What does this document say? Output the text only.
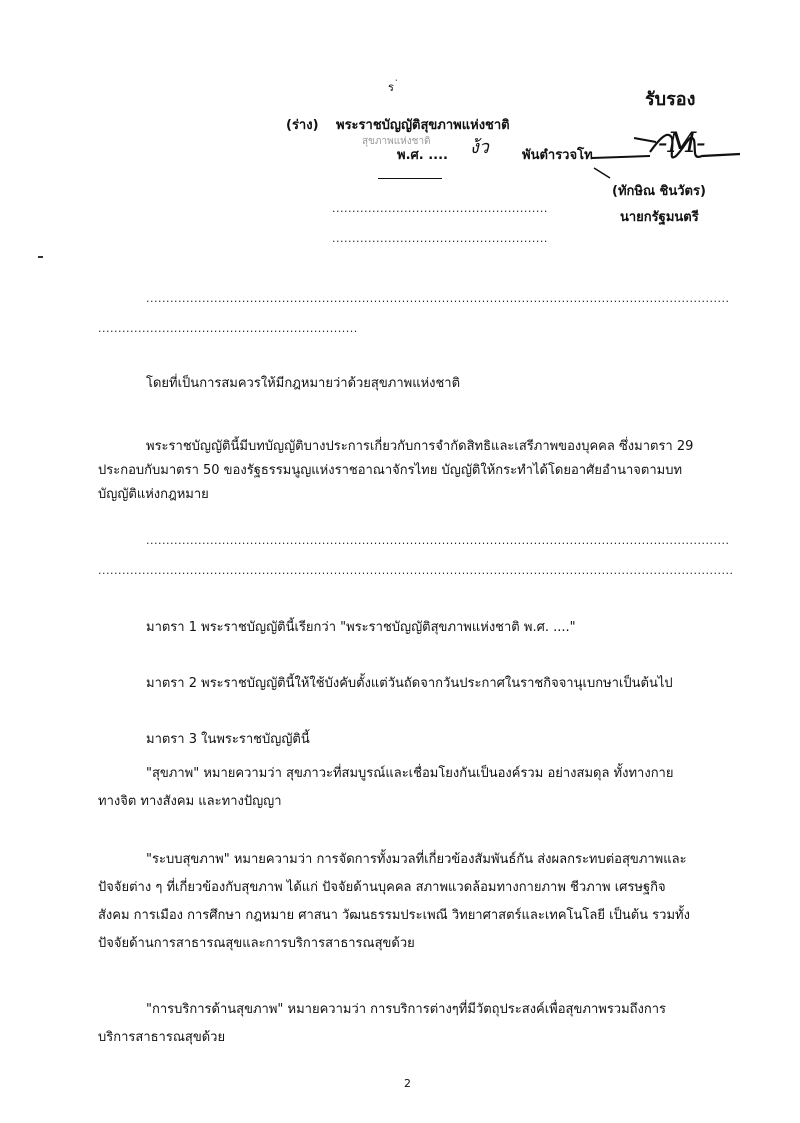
ร ่
(ร่าง) พระราชบัญญัติสุขภาพแห่งชาติ
สุขภาพแห่งชาติ
พ.ศ. .... ง้ว	พันตำรวจโท
รับรอง
-M-
(ทักษิณ ชินวัตร)
นายกรัฐมนตรี
......................................................
......................................................
..................................................................................................................................................
.................................................................
โดยที่เป็นการสมควรให้มีกฎหมายว่าด้วยสุขภาพแห่งชาติ
พระราชบัญญัตินี้มีบทบัญญัติบางประการเกี่ยวกับการจำกัดสิทธิและเสรีภาพของบุคคล ซึ่งมาตรา 29
ประกอบกับมาตรา 50 ของรัฐธรรมนูญแห่งราชอาณาจักรไทย บัญญัติให้กระทำได้โดยอาศัยอำนาจตามบท
บัญญัติแห่งกฎหมาย
..................................................................................................................................................
...............................................................................................................................................................
มาตรา 1 พระราชบัญญัตินี้เรียกว่า "พระราชบัญญัติสุขภาพแห่งชาติ พ.ศ. ...."
มาตรา 2 พระราชบัญญัตินี้ให้ใช้บังคับตั้งแต่วันถัดจากวันประกาศในราชกิจจานุเบกษาเป็นต้นไป
มาตรา 3 ในพระราชบัญญัตินี้
"สุขภาพ" หมายความว่า สุขภาวะที่สมบูรณ์และเชื่อมโยงกันเป็นองค์รวม อย่างสมดุล ทั้งทางกาย
ทางจิต ทางสังคม และทางปัญญา
"ระบบสุขภาพ" หมายความว่า การจัดการทั้งมวลที่เกี่ยวข้องสัมพันธ์กัน ส่งผลกระทบต่อสุขภาพและ
ปัจจัยต่าง ๆ ที่เกี่ยวข้องกับสุขภาพ ได้แก่ ปัจจัยด้านบุคคล สภาพแวดล้อมทางกายภาพ ชีวภาพ เศรษฐกิจ
สังคม การเมือง การศึกษา กฎหมาย ศาสนา วัฒนธรรมประเพณี วิทยาศาสตร์และเทคโนโลยี เป็นต้น รวมทั้ง
ปัจจัยด้านการสาธารณสุขและการบริการสาธารณสุขด้วย
"การบริการด้านสุขภาพ" หมายความว่า การบริการต่างๆที่มีวัตถุประสงค์เพื่อสุขภาพรวมถึงการ
บริการสาธารณสุขด้วย
2
